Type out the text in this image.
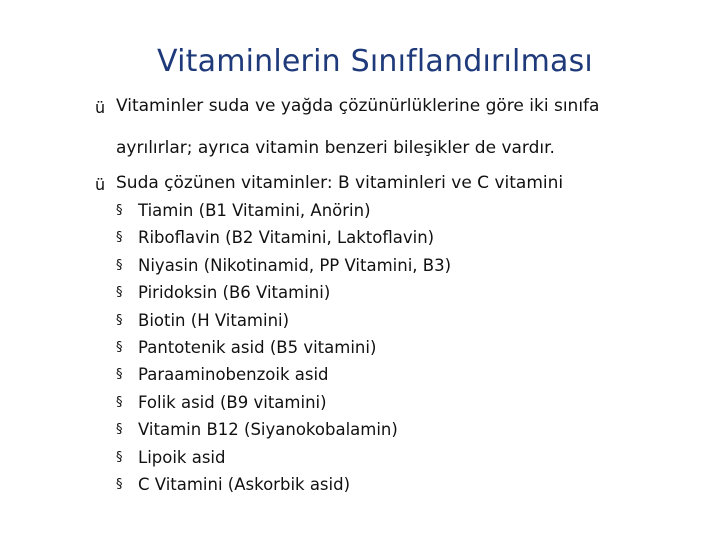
Vitaminlerin Sınıflandırılması
ü Vitaminler suda ve yağda çözünürlüklerine göre iki sınıfa
ayrılırlar; ayrıca vitamin benzeri bileşikler de vardır.
ü Suda çözünen vitaminler: B vitaminleri ve C vitamini
§ Tiamin (B1 Vitamini, Anörin)
§ Riboflavin (B2 Vitamini, Laktoflavin)
§ Niyasin (Nikotinamid, PP Vitamini, B3)
§ Piridoksin (B6 Vitamini)
§ Biotin (H Vitamini)
§ Pantotenik asid (B5 vitamini)
§ Paraaminobenzoik asid
§ Folik asid (B9 vitamini)
§ Vitamin B12 (Siyanokobalamin)
§ Lipoik asid
§ C Vitamini (Askorbik asid)
